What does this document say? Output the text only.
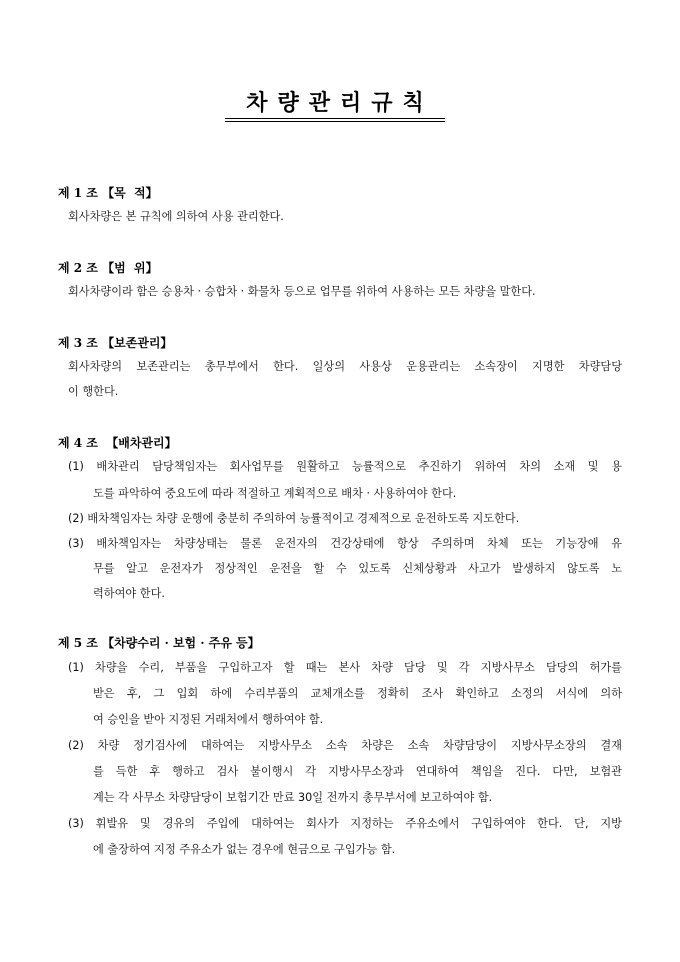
차량관리규칙
제 1 조 【목  적】
회사차량은 본 규칙에 의하여 사용 관리한다.
제 2 조 【범  위】
회사차량이라 함은 승용차 · 승합차 · 화물차 등으로 업무를 위하여 사용하는 모든 차량을 말한다.
제 3 조 【보존관리】
회사차량의 보존관리는 총무부에서 한다. 일상의 사용상 운용관리는 소속장이 지명한 차량담당
이 행한다.
제 4 조  【배차관리】
(1) 배차관리 담당책임자는 회사업무를 원활하고 능률적으로 추진하기 위하여 차의 소재 및 용
도를 파악하여 중요도에 따라 적절하고 계획적으로 배차 · 사용하여야 한다.
(2) 배차책임자는 차량 운행에 충분히 주의하여 능률적이고 경제적으로 운전하도록 지도한다.
(3) 배차책임자는 차량상태는 물론 운전자의 건강상태에 항상 주의하며 차체 또는 기능장애 유
무를 알고 운전자가 정상적인 운전을 할 수 있도록 신체상황과 사고가 발생하지 않도록 노
력하여야 한다.
제 5 조 【차량수리 · 보험 · 주유 등】
(1) 차량을 수리, 부품을 구입하고자 할 때는 본사 차량 담당 및 각 지방사무소 담당의 허가를
받은 후, 그 입회 하에 수리부품의 교체개소를 정확히 조사 확인하고 소정의 서식에 의하
여 승인을 받아 지정된 거래처에서 행하여야 함.
(2) 차량 정기검사에 대하여는 지방사무소 소속 차량은 소속 차량담당이 지방사무소장의 결재
를 득한 후 행하고 검사 불이행시 각 지방사무소장과 연대하여 책임을 진다. 다만, 보험관
계는 각 사무소 차량담당이 보험기간 만료 30일 전까지 총무부서에 보고하여야 함.
(3) 휘발유 및 경유의 주입에 대하여는 회사가 지정하는 주유소에서 구입하여야 한다. 단, 지방
에 출장하여 지정 주유소가 없는 경우에 현금으로 구입가능 함.
